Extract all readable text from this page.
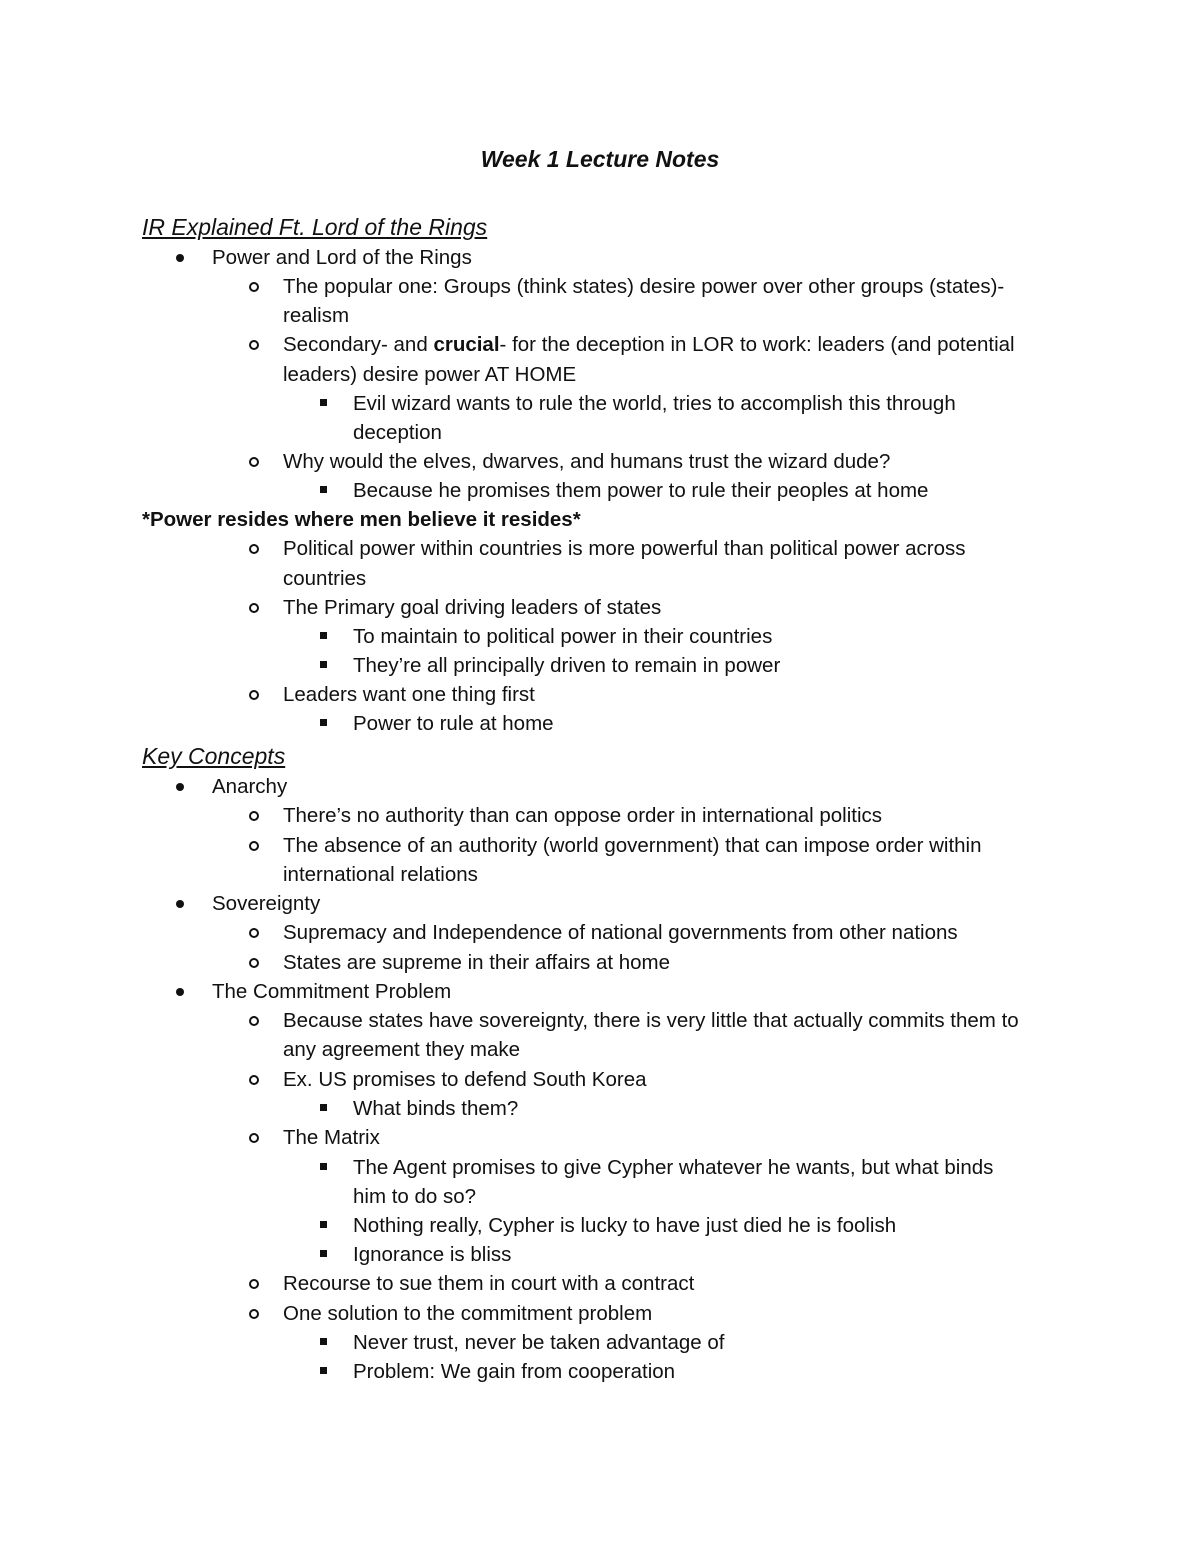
Week 1 Lecture Notes
IR Explained Ft. Lord of the Rings
Power and Lord of the Rings
The popular one: Groups (think states) desire power over other groups (states)-
realism
Secondary- and crucial- for the deception in LOR to work: leaders (and potential
leaders) desire power AT HOME
Evil wizard wants to rule the world, tries to accomplish this through
deception
Why would the elves, dwarves, and humans trust the wizard dude?
Because he promises them power to rule their peoples at home
*Power resides where men believe it resides*
Political power within countries is more powerful than political power across
countries
The Primary goal driving leaders of states
To maintain to political power in their countries
They’re all principally driven to remain in power
Leaders want one thing first
Power to rule at home
Key Concepts
Anarchy
There’s no authority than can oppose order in international politics
The absence of an authority (world government) that can impose order within
international relations
Sovereignty
Supremacy and Independence of national governments from other nations
States are supreme in their affairs at home
The Commitment Problem
Because states have sovereignty, there is very little that actually commits them to
any agreement they make
Ex. US promises to defend South Korea
What binds them?
The Matrix
The Agent promises to give Cypher whatever he wants, but what binds
him to do so?
Nothing really, Cypher is lucky to have just died he is foolish
Ignorance is bliss
Recourse to sue them in court with a contract
One solution to the commitment problem
Never trust, never be taken advantage of
Problem: We gain from cooperation
